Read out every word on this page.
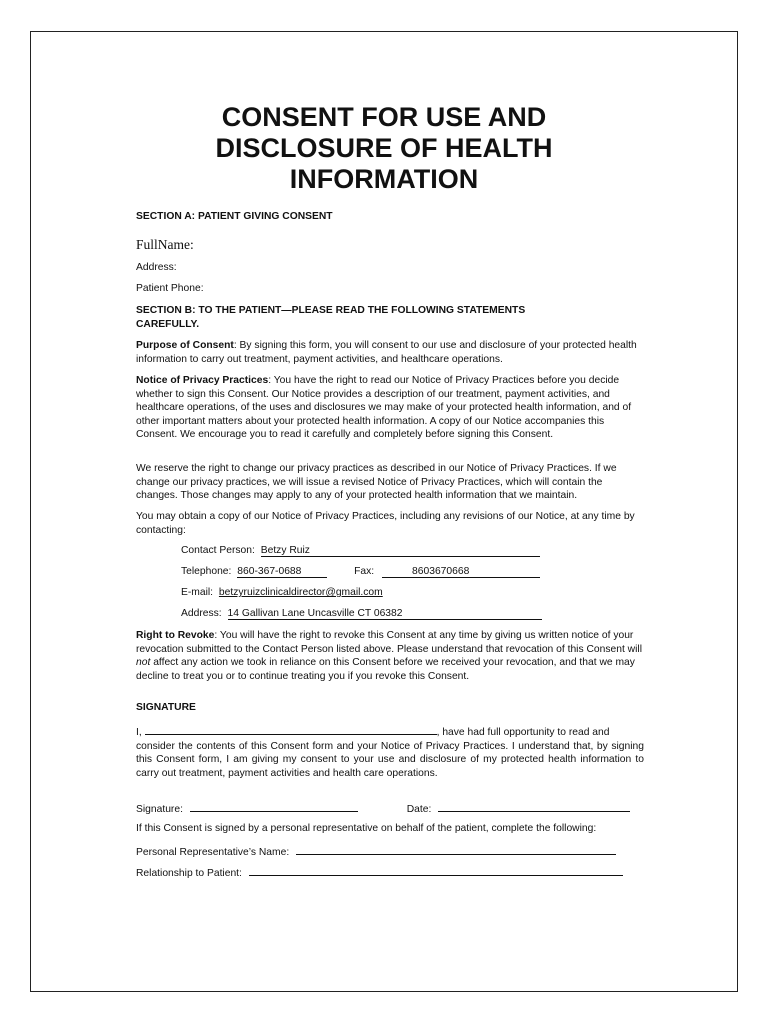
CONSENT FOR USE AND
DISCLOSURE OF HEALTH
INFORMATION
SECTION A: PATIENT GIVING CONSENT
FullName:
Address:
Patient Phone:
SECTION B: TO THE PATIENT—PLEASE READ THE FOLLOWING STATEMENTS
CAREFULLY.

Purpose of Consent: By signing this form, you will consent to our use and disclosure of your protected health information to carry out treatment, payment activities, and healthcare operations.

Notice of Privacy Practices: You have the right to read our Notice of Privacy Practices before you decide whether to sign this Consent. Our Notice provides a description of our treatment, payment activities, and healthcare operations, of the uses and disclosures we may make of your protected health information, and of other important matters about your protected health information. A copy of our Notice accompanies this Consent. We encourage you to read it carefully and completely before signing this Consent.

We reserve the right to change our privacy practices as described in our Notice of Privacy Practices. If we change our privacy practices, we will issue a revised Notice of Privacy Practices, which will contain the changes. Those changes may apply to any of your protected health information that we maintain.

You may obtain a copy of our Notice of Privacy Practices, including any revisions of our Notice, at any time by contacting:

Contact Person: Betzy Ruiz
Telephone: 860-367-0688	Fax:	8603670668
E-mail: betzyruizclinicaldirector@gmail.com
Address: 14 Gallivan Lane Uncasville CT 06382

Right to Revoke: You will have the right to revoke this Consent at any time by giving us written notice of your revocation submitted to the Contact Person listed above. Please understand that revocation of this Consent will not affect any action we took in reliance on this Consent before we received your revocation, and that we may decline to treat you or to continue treating you if you revoke this Consent.

SIGNATURE
I,	, have had full opportunity to read and

consider the contents of this Consent form and your Notice of Privacy Practices. I understand that, by signing this Consent form, I am giving my consent to your use and disclosure of my protected health information to carry out treatment, payment activities and health care operations.

Signature:	Date:
If this Consent is signed by a personal representative on behalf of the patient, complete the following:
Personal Representative’s Name:
Relationship to Patient:
